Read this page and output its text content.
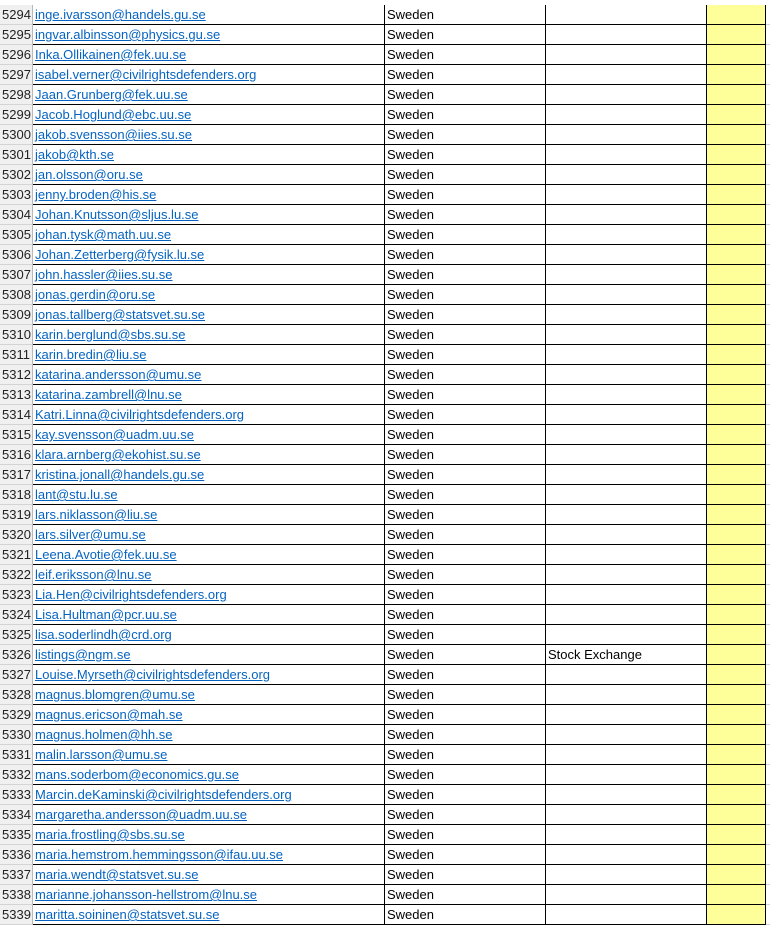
5294 inge.ivarsson@handels.gu.se	Sweden
5295 ingvar.albinsson@physics.gu.se	Sweden
5296 Inka.Ollikainen@fek.uu.se	Sweden
5297 isabel.verner@civilrightsdefenders.org	Sweden
5298 Jaan.Grunberg@fek.uu.se	Sweden
5299 Jacob.Hoglund@ebc.uu.se	Sweden
5300 jakob.svensson@iies.su.se	Sweden
5301 jakob@kth.se	Sweden
5302 jan.olsson@oru.se	Sweden
5303 jenny.broden@his.se	Sweden
5304 Johan.Knutsson@sljus.lu.se	Sweden
5305 johan.tysk@math.uu.se	Sweden
5306 Johan.Zetterberg@fysik.lu.se	Sweden
5307 john.hassler@iies.su.se	Sweden
5308 jonas.gerdin@oru.se	Sweden
5309 jonas.tallberg@statsvet.su.se	Sweden
5310 karin.berglund@sbs.su.se	Sweden
5311 karin.bredin@liu.se	Sweden
5312 katarina.andersson@umu.se	Sweden
5313 katarina.zambrell@lnu.se	Sweden
5314 Katri.Linna@civilrightsdefenders.org	Sweden
5315 kay.svensson@uadm.uu.se	Sweden
5316 klara.arnberg@ekohist.su.se	Sweden
5317 kristina.jonall@handels.gu.se	Sweden
5318 lant@stu.lu.se	Sweden
5319 lars.niklasson@liu.se	Sweden
5320 lars.silver@umu.se	Sweden
5321 Leena.Avotie@fek.uu.se	Sweden
5322 leif.eriksson@lnu.se	Sweden
5323 Lia.Hen@civilrightsdefenders.org	Sweden
5324 Lisa.Hultman@pcr.uu.se	Sweden
5325 lisa.soderlindh@crd.org	Sweden
5326 listings@ngm.se	Sweden	Stock Exchange
5327 Louise.Myrseth@civilrightsdefenders.org	Sweden
5328 magnus.blomgren@umu.se	Sweden
5329 magnus.ericson@mah.se	Sweden
5330 magnus.holmen@hh.se	Sweden
5331 malin.larsson@umu.se	Sweden
5332 mans.soderbom@economics.gu.se	Sweden
5333 Marcin.deKaminski@civilrightsdefenders.org	Sweden
5334 margaretha.andersson@uadm.uu.se	Sweden
5335 maria.frostling@sbs.su.se	Sweden
5336 maria.hemstrom.hemmingsson@ifau.uu.se	Sweden
5337 maria.wendt@statsvet.su.se	Sweden
5338 marianne.johansson-hellstrom@lnu.se	Sweden
5339 maritta.soininen@statsvet.su.se	Sweden
